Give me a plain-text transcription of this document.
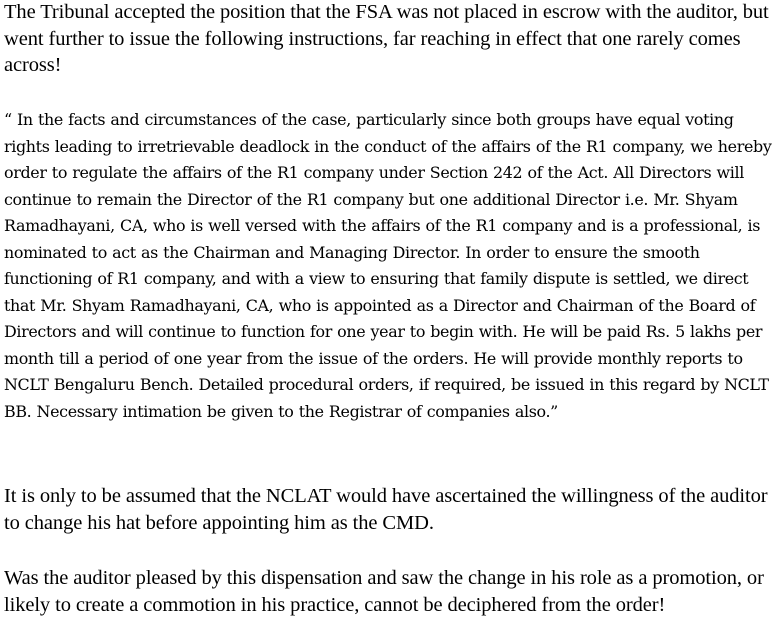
The Tribunal accepted the position that the FSA was not placed in escrow with the auditor, but went further to issue the following instructions, far reaching in effect that one rarely comes across!

“ In the facts and circumstances of the case, particularly since both groups have equal voting rights leading to irretrievable deadlock in the conduct of the affairs of the R1 company, we hereby order to regulate the affairs of the R1 company under Section 242 of the Act. All Directors will continue to remain the Director of the R1 company but one additional Director i.e. Mr. Shyam Ramadhayani, CA, who is well versed with the affairs of the R1 company and is a professional, is nominated to act as the Chairman and Managing Director. In order to ensure the smooth functioning of R1 company, and with a view to ensuring that family dispute is settled, we direct that Mr. Shyam Ramadhayani, CA, who is appointed as a Director and Chairman of the Board of Directors and will continue to function for one year to begin with. He will be paid Rs. 5 lakhs per month till a period of one year from the issue of the orders. He will provide monthly reports to NCLT Bengaluru Bench. Detailed procedural orders, if required, be issued in this regard by NCLT BB. Necessary intimation be given to the Registrar of companies also.”

It is only to be assumed that the NCLAT would have ascertained the willingness of the auditor to change his hat before appointing him as the CMD.

Was the auditor pleased by this dispensation and saw the change in his role as a promotion, or likely to create a commotion in his practice, cannot be deciphered from the order!
